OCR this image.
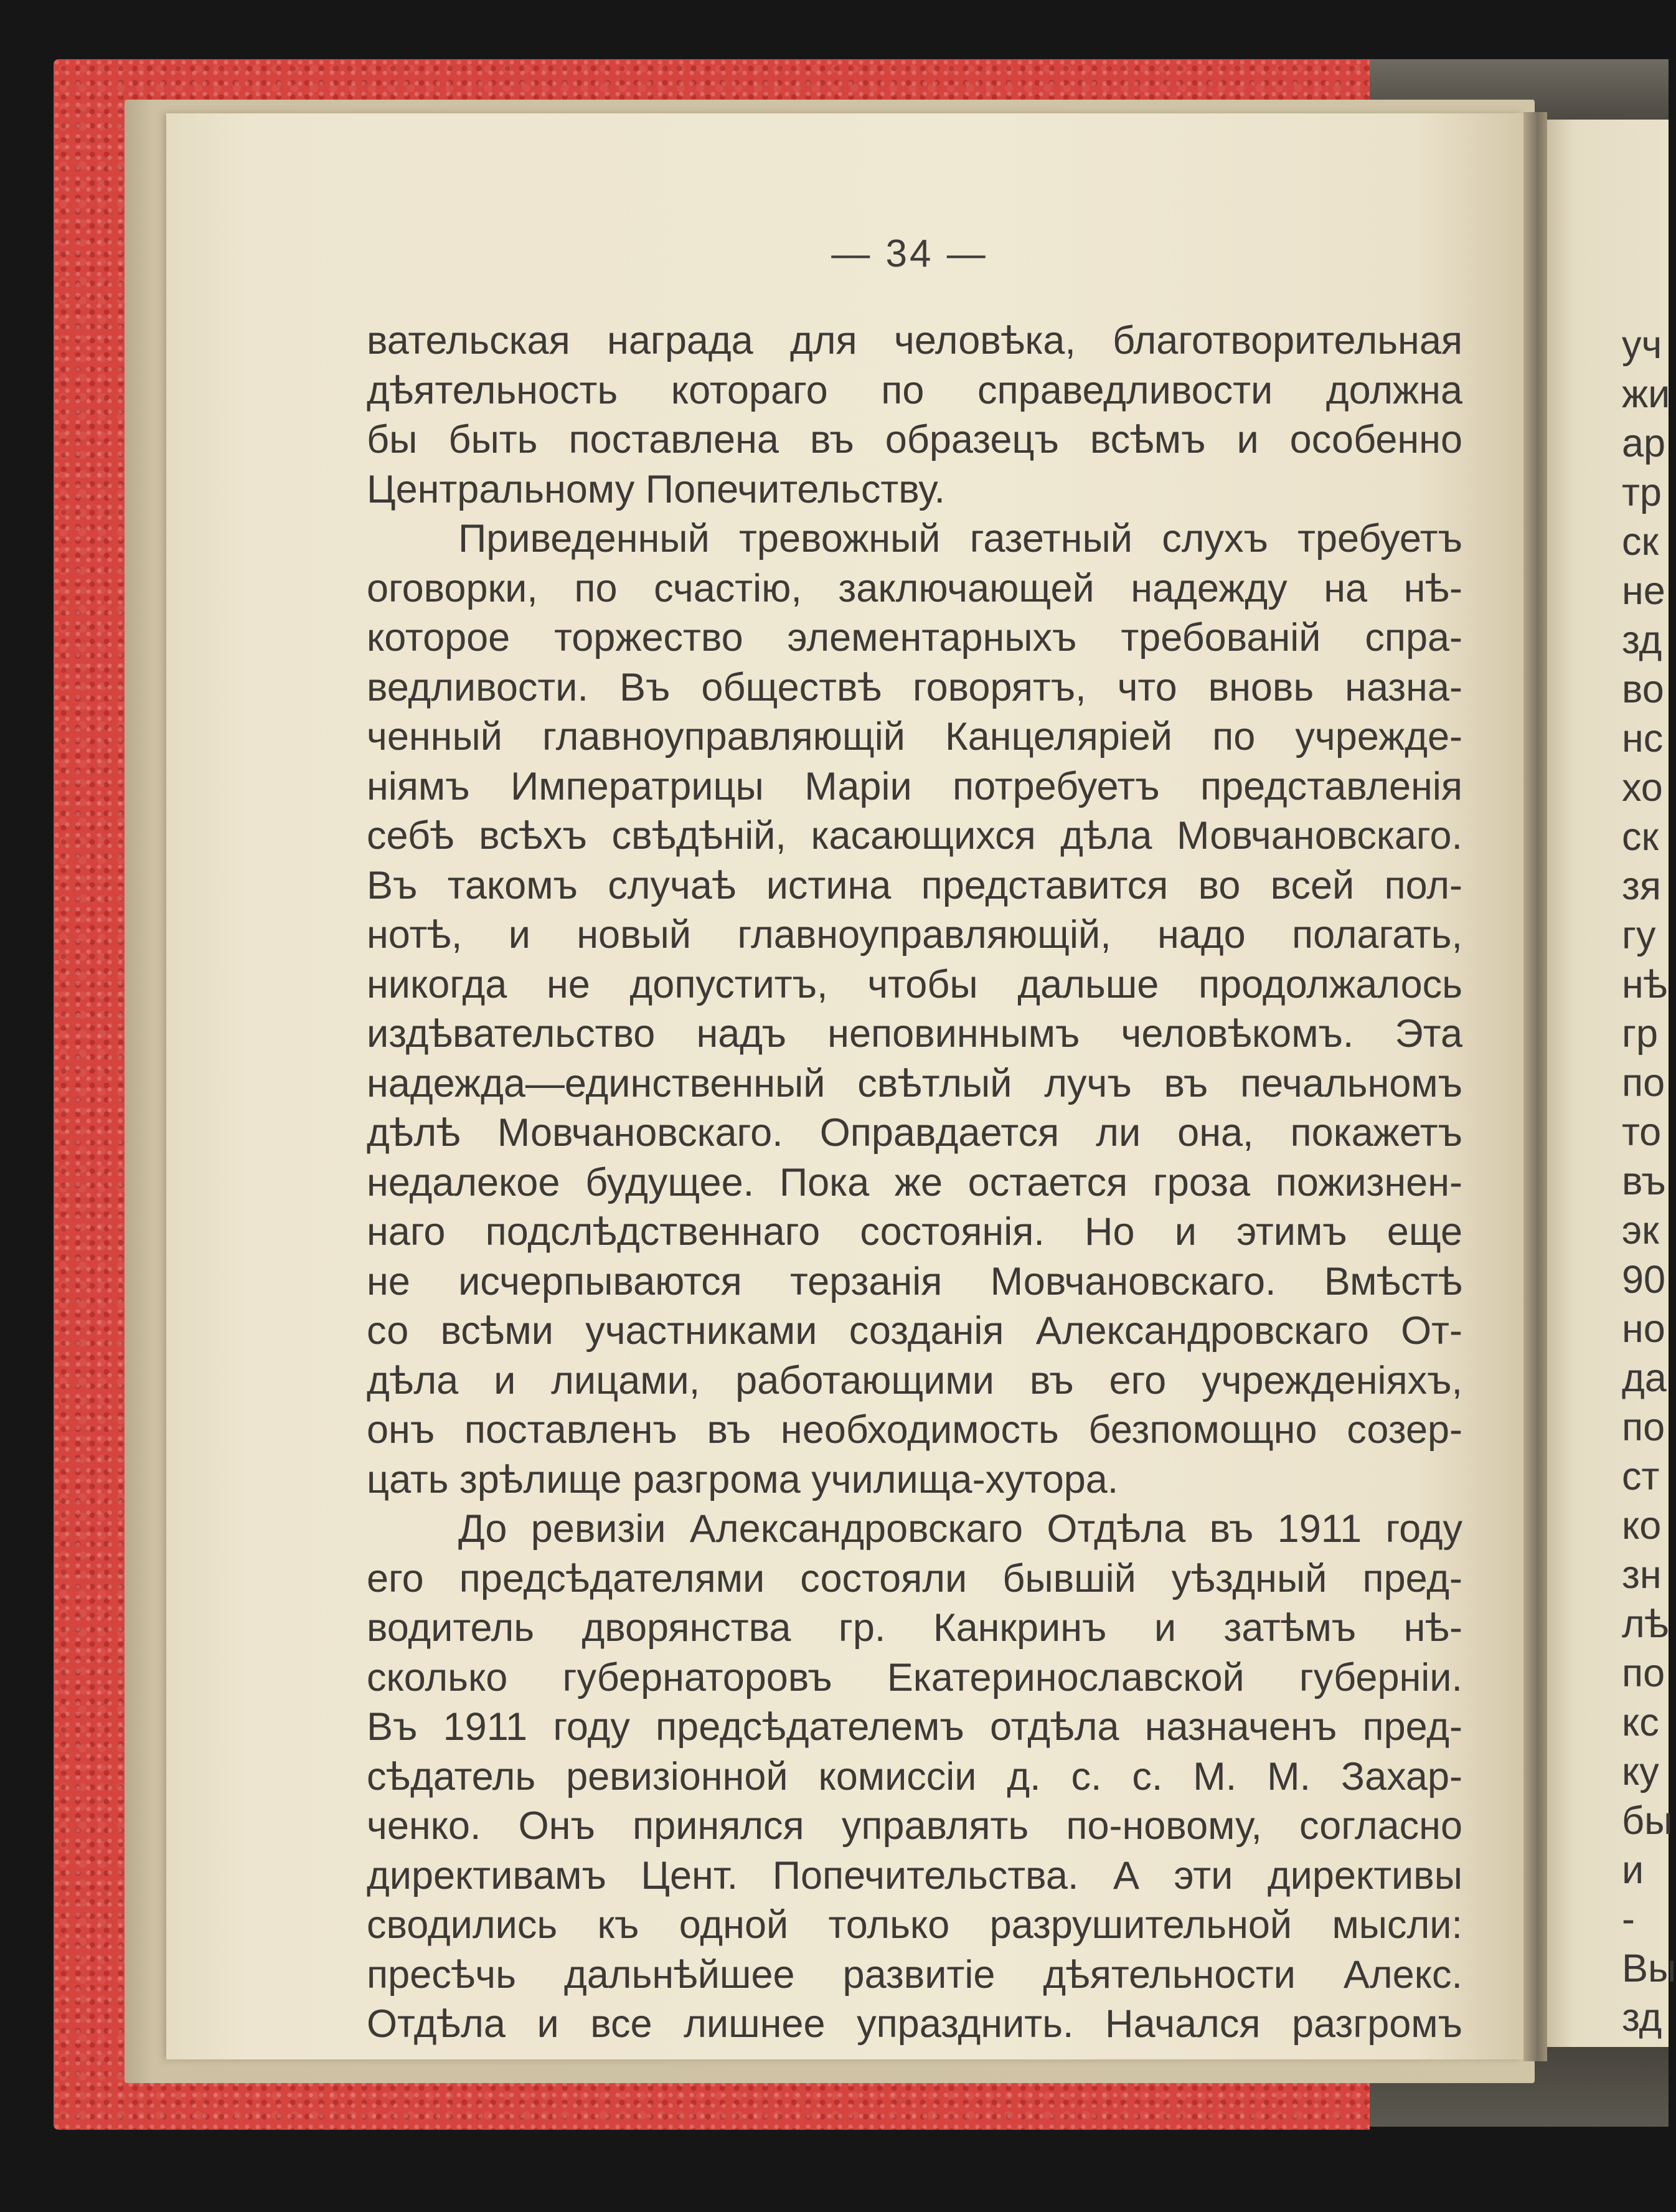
— 34 —
вательская награда для человѣка, благотворительная
дѣятельность котораго по справедливости должна
бы быть поставлена въ образецъ всѣмъ и особенно
Центральному Попечительству.
Приведенный тревожный газетный слухъ требуетъ
оговорки, по счастію, заключающей надежду на нѣ-
которое торжество элементарныхъ требованій спра-
ведливости. Въ обществѣ говорятъ, что вновь назна-
ченный главноуправляющій Канцеляріей по учрежде-
ніямъ Императрицы Маріи потребуетъ представленія
себѣ всѣхъ свѣдѣній, касающихся дѣла Мовчановскаго.
Въ такомъ случаѣ истина представится во всей пол-
нотѣ, и новый главноуправляющій, надо полагать,
никогда не допуститъ, чтобы дальше продолжалось
издѣвательство надъ неповиннымъ человѣкомъ. Эта
надежда—единственный свѣтлый лучъ въ печальномъ
дѣлѣ Мовчановскаго. Оправдается ли она, покажетъ
недалекое будущее. Пока же остается гроза пожизнен-
наго подслѣдственнаго состоянія. Но и этимъ еще
не исчерпываются терзанія Мовчановскаго. Вмѣстѣ
со всѣми участниками созданія Александровскаго От-
дѣла и лицами, работающими въ его учрежденіяхъ,
онъ поставленъ въ необходимость безпомощно созер-
цать зрѣлище разгрома училища-хутора.
До ревизіи Александровскаго Отдѣла въ 1911 году
его предсѣдателями состояли бывшій уѣздный пред-
водитель дворянства гр. Канкринъ и затѣмъ нѣ-
сколько губернаторовъ Екатеринославской губерніи.
Въ 1911 году предсѣдателемъ отдѣла назначенъ пред-
сѣдатель ревизіонной комиссіи д. с. с. М. М. Захар-
ченко. Онъ принялся управлять по-новому, согласно
директивамъ Цент. Попечительства. А эти директивы
сводились къ одной только разрушительной мысли:
пресѣчь дальнѣйшее развитіе дѣятельности Алекс.
Отдѣла и все лишнее упразднить. Начался разгромъ
уч
жи
ар
тр
ск
не
зд
во
нс
хо
ск
зя
гу
нѣ
гр
по
то
въ
эк
90
но
да
по
ст
ко
зн
лѣ
по
кс
ку
бы
и
-
Вы
зд
